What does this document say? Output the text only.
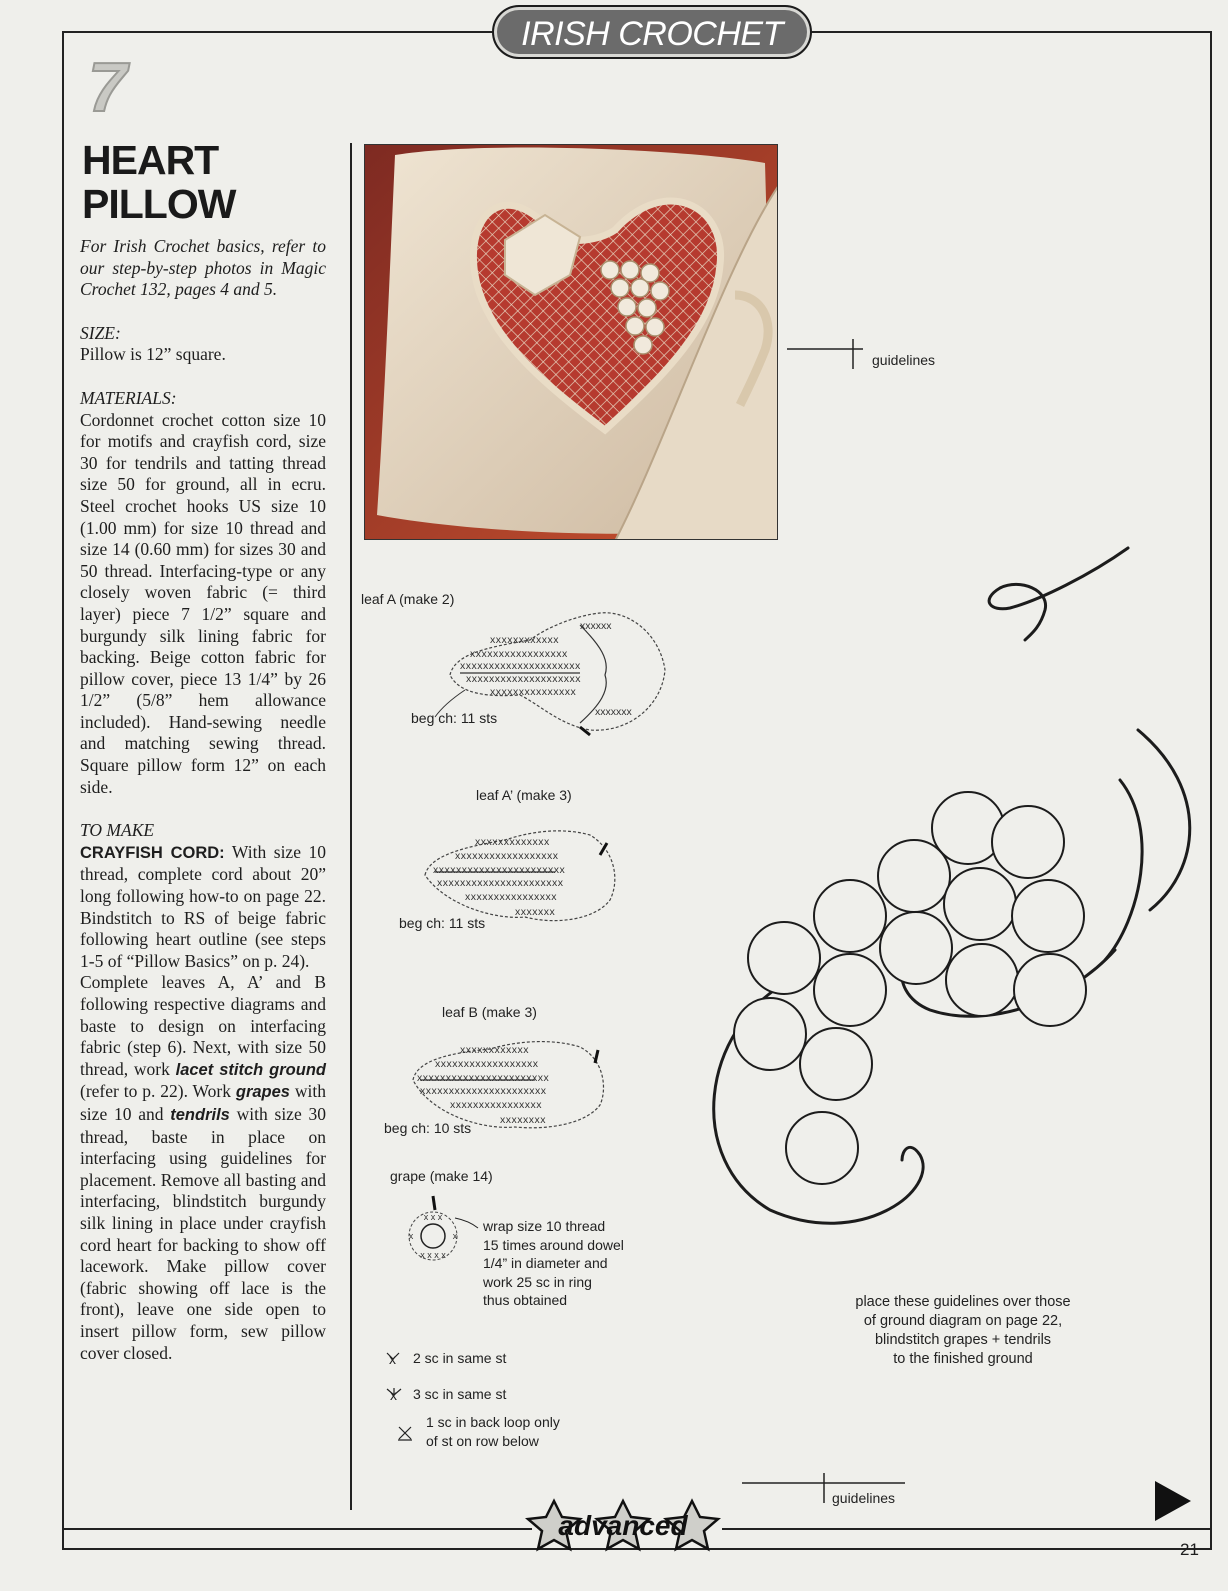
IRISH CROCHET
7
HEART
PILLOW

For Irish Crochet basics, refer to our step-by-step photos in Magic Crochet 132, pages 4 and 5.

SIZE:

Pillow is 12” square.

MATERIALS:

Cordonnet crochet cotton size 10 for motifs and crayfish cord, size 30 for tendrils and tatting thread size 50 for ground, all in ecru. Steel crochet hooks US size 10 (1.00 mm) for size 10 thread and size 14 (0.60 mm) for sizes 30 and 50 thread. Interfacing-type or any closely woven fabric (= third layer) piece 7 1/2” square and burgundy silk lining fabric for backing. Beige cotton fabric for pillow cover, piece 13 1/4” by 26 1/2” (5/8” hem allowance included). Hand-sewing needle and matching sewing thread. Square pillow form 12” on each side.

TO MAKE

CRAYFISH CORD: With size 10 thread, complete cord about 20” long following how-to on page 22. Bindstitch to RS of beige fabric following heart outline (see steps 1-5 of “Pillow Basics” on p. 24).

Complete leaves A, A’ and B following respective diagrams and baste to design on interfacing fabric (step 6). Next, with size 50 thread, work lacet stitch ground (refer to p. 22). Work grapes with size 10 and tendrils with size 30 thread, baste in place on interfacing using guidelines for placement. Remove all basting and interfacing, blindstitch burgundy silk lining in place under crayfish cord heart for backing to show off lacework. Make pillow cover (fabric showing off lace is the front), leave one side open to insert pillow form, sew pillow cover closed.

guidelines
leaf A (make 2)
xxxxxxxxxxxx
xxxxxxxxxxxxxxxxx
xxxxxxxxxxxxxxxxxxxxx
xxxxxxxxxxxxxxxxxxxx
xxxxxxxxxxxxxxx
xxxxxx
xxxxxxx
beg ch: 11 sts
leaf A’ (make 3)
xxxxxxxxxxxxx
xxxxxxxxxxxxxxxxxx
xxxxxxxxxxxxxxxxxxxxxxx
xxxxxxxxxxxxxxxxxxxxxx
xxxxxxxxxxxxxxxx
xxxxxxx
beg ch: 11 sts
leaf B (make 3)
xxxxxxxxxxxx
xxxxxxxxxxxxxxxxxx
xxxxxxxxxxxxxxxxxxxxxxx
xxxxxxxxxxxxxxxxxxxxxx
xxxxxxxxxxxxxxxx
xxxxxxxx
beg ch: 10 sts
grape (make 14)
x x x
x x x x
x	x
wrap size 10 thread
15 times around dowel
1/4” in diameter and
work 25 sc in ring
thus obtained
x 2 sc in same st
x 3 sc in same st
1 sc in back loop only
of st on row below
place these guidelines over those
of ground diagram on page 22,
blindstitch grapes + tendrils
to the finished ground
guidelines
advanced
21
